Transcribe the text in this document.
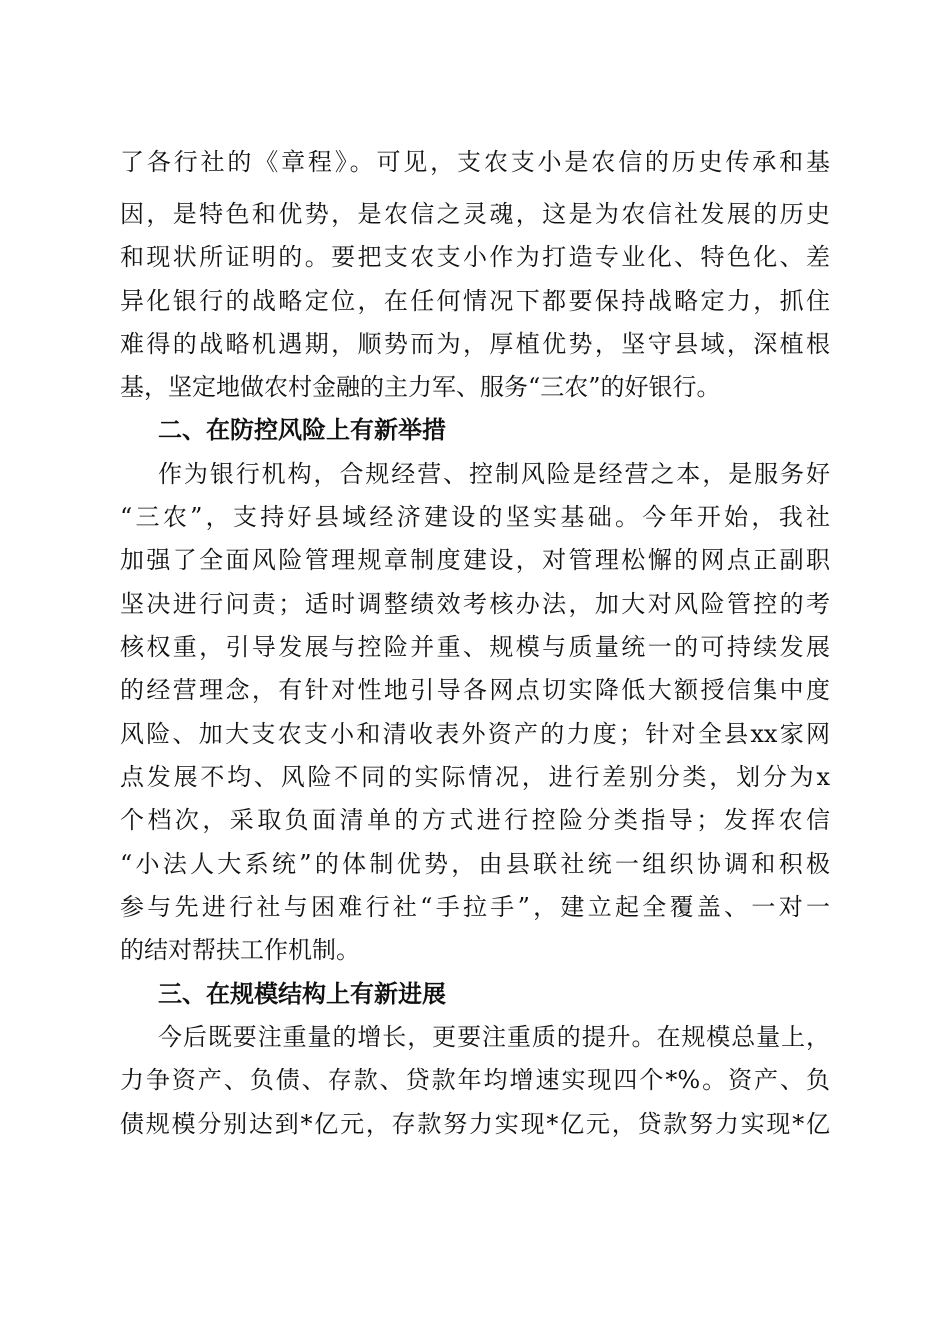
了各行社的《章程》。可见，支农支小是农信的历史传承和基
因，是特色和优势，是农信之灵魂，这是为农信社发展的历史
和现状所证明的。要把支农支小作为打造专业化、特色化、差
异化银行的战略定位，在任何情况下都要保持战略定力，抓住
难得的战略机遇期，顺势而为，厚植优势，坚守县域，深植根
基，坚定地做农村金融的主力军、服务“三农”的好银行。
二、在防控风险上有新举措
作为银行机构，合规经营、控制风险是经营之本，是服务好
“三农”，支持好县域经济建设的坚实基础。今年开始，我社
加强了全面风险管理规章制度建设，对管理松懈的网点正副职
坚决进行问责；适时调整绩效考核办法，加大对风险管控的考
核权重，引导发展与控险并重、规模与质量统一的可持续发展
的经营理念，有针对性地引导各网点切实降低大额授信集中度
风险、加大支农支小和清收表外资产的力度；针对全县xx家网
点发展不均、风险不同的实际情况，进行差别分类，划分为x
个档次，采取负面清单的方式进行控险分类指导；发挥农信
“小法人大系统”的体制优势，由县联社统一组织协调和积极
参与先进行社与困难行社“手拉手”，建立起全覆盖、一对一
的结对帮扶工作机制。
三、在规模结构上有新进展
今后既要注重量的增长，更要注重质的提升。在规模总量上，
力争资产、负债、存款、贷款年均增速实现四个*%。资产、负
债规模分别达到*亿元，存款努力实现*亿元，贷款努力实现*亿
